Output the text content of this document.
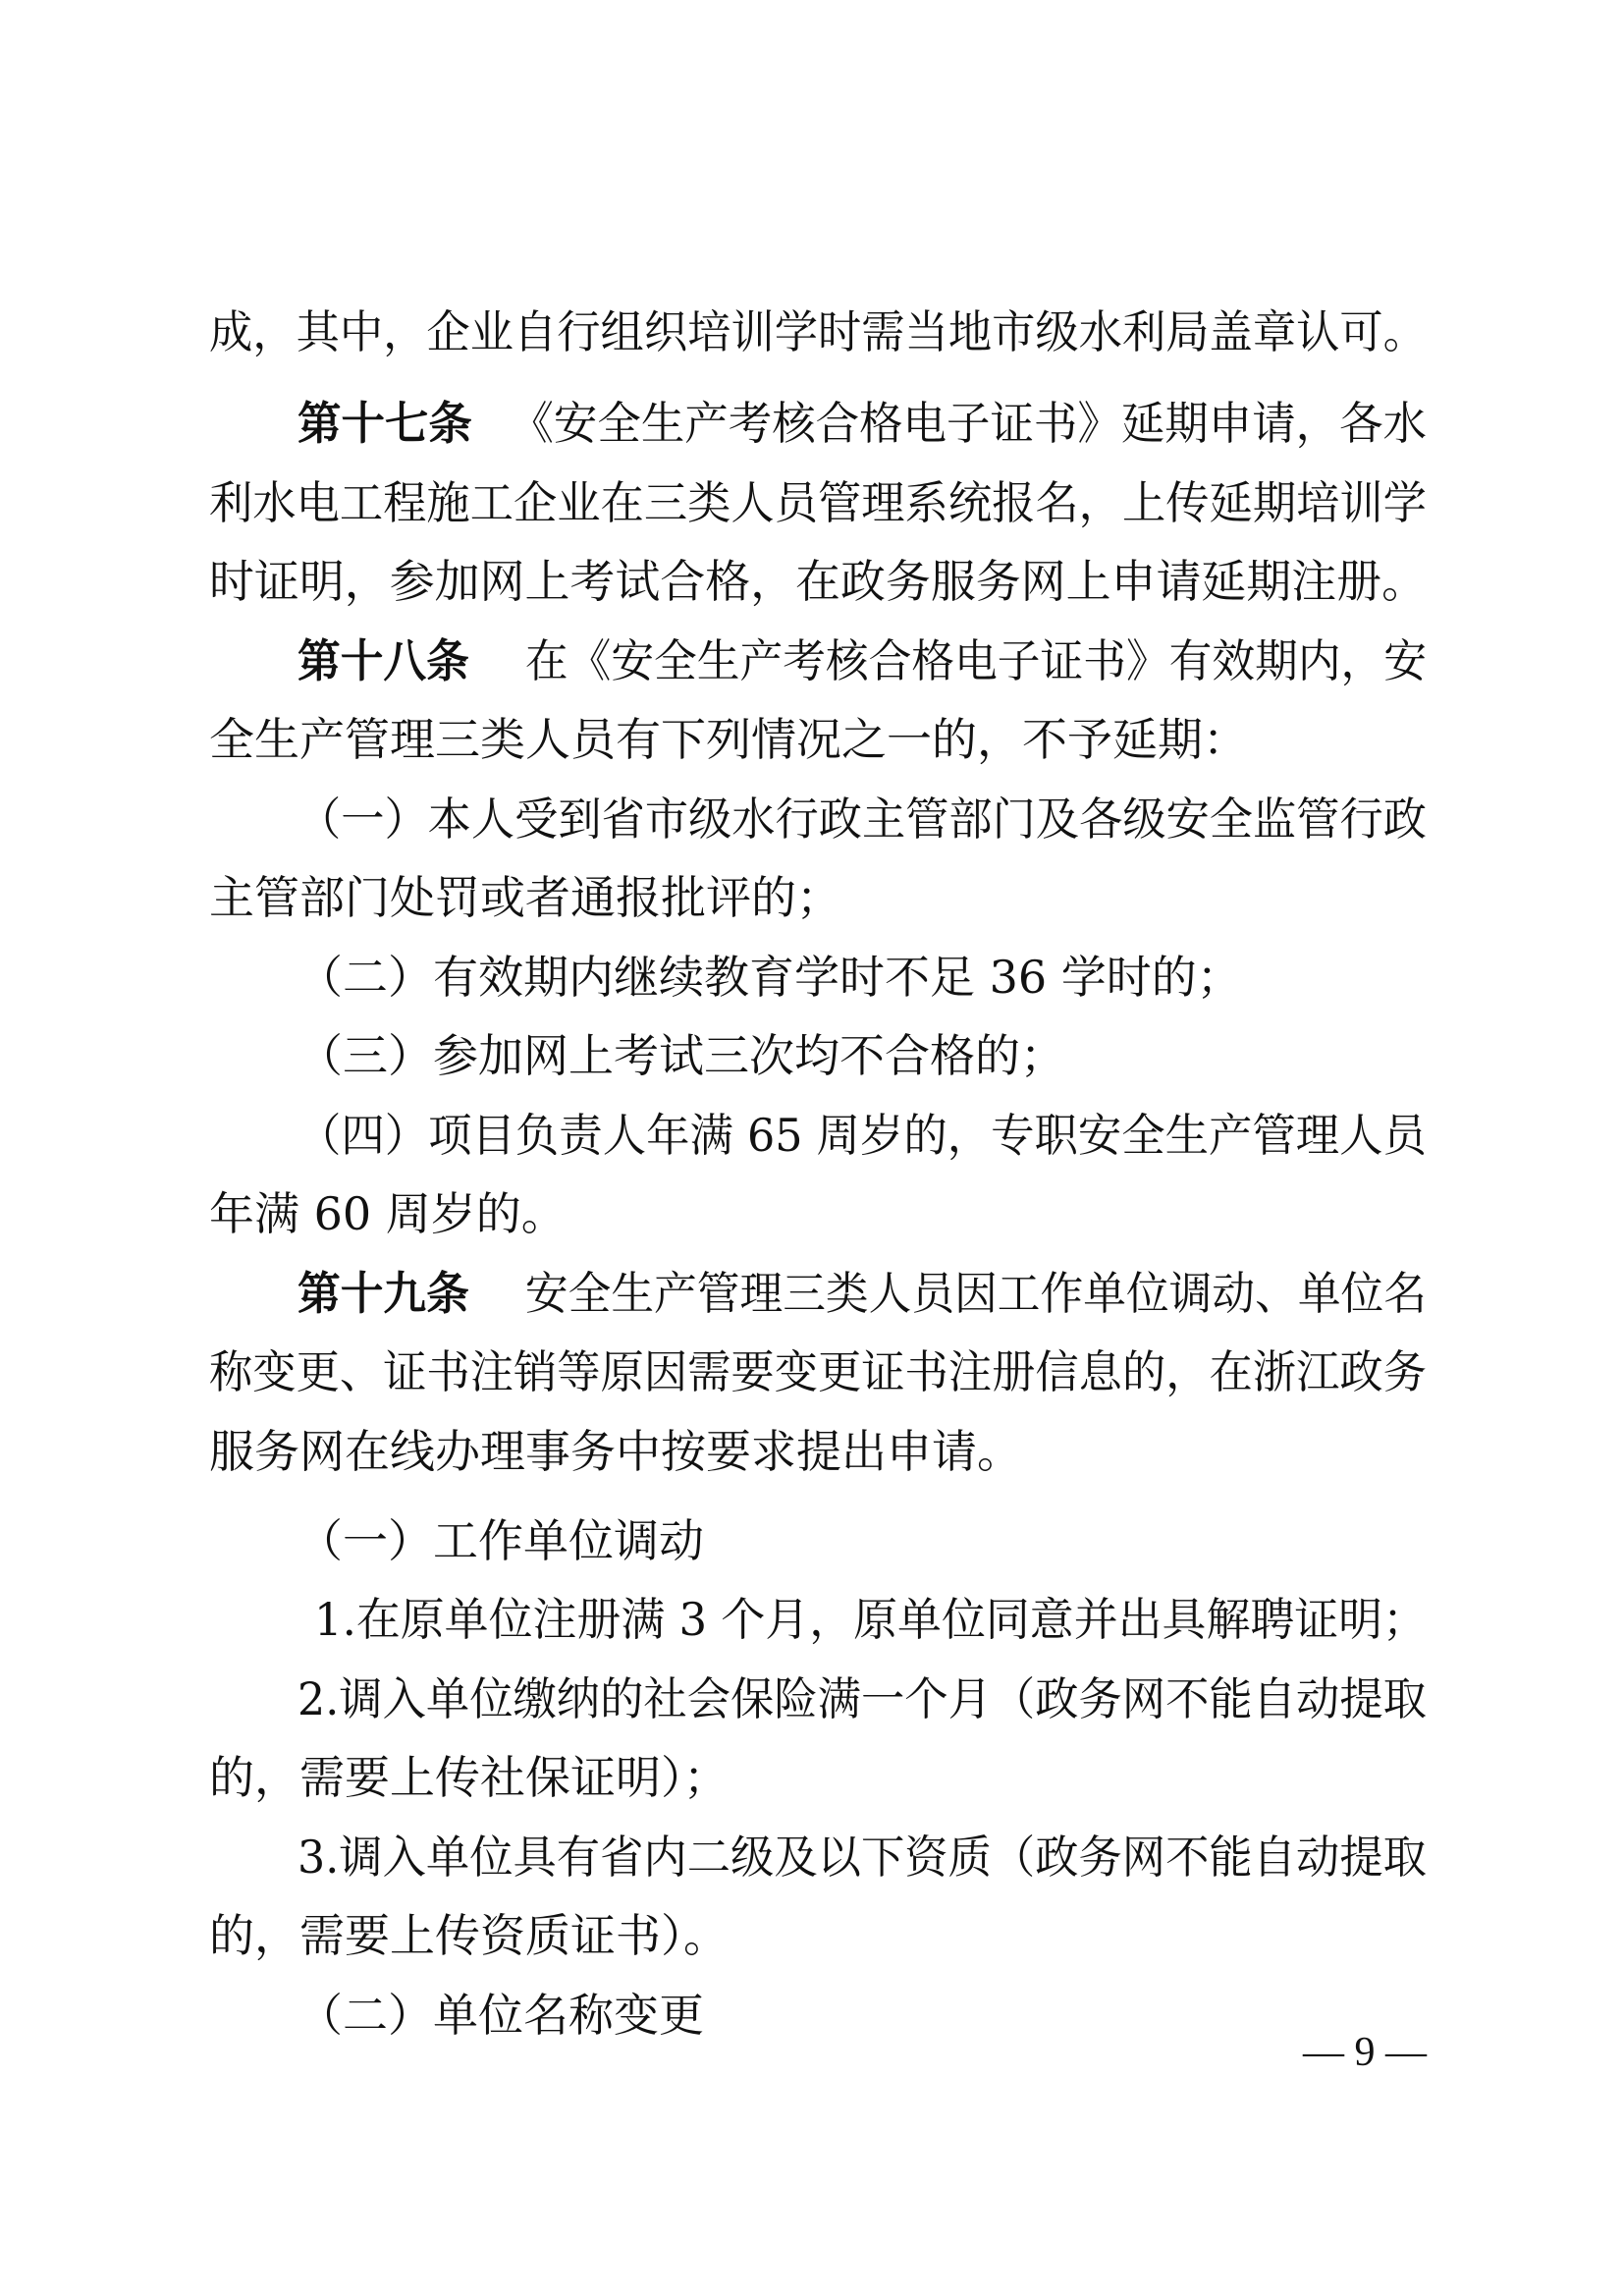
成，其中，企业自行组织培训学时需当地市级水利局盖章认可。
第十七条 《安全生产考核合格电子证书》延期申请，各水
利水电工程施工企业在三类人员管理系统报名，上传延期培训学
时证明，参加网上考试合格，在政务服务网上申请延期注册。
第十八条 在《安全生产考核合格电子证书》有效期内，安
全生产管理三类人员有下列情况之一的，不予延期：
（一）本人受到省市级水行政主管部门及各级安全监管行政
主管部门处罚或者通报批评的；
（二）有效期内继续教育学时不足 36 学时的；
（三）参加网上考试三次均不合格的；
（四）项目负责人年满 65 周岁的，专职安全生产管理人员
年满 60 周岁的。
第十九条 安全生产管理三类人员因工作单位调动、单位名
称变更、证书注销等原因需要变更证书注册信息的，在浙江政务
服务网在线办理事务中按要求提出申请。
（一）工作单位调动
1.在原单位注册满 3 个月，原单位同意并出具解聘证明；
2.调入单位缴纳的社会保险满一个月（政务网不能自动提取
的，需要上传社保证明）；
3.调入单位具有省内二级及以下资质（政务网不能自动提取
的，需要上传资质证书）。
（二）单位名称变更
— 9 —
